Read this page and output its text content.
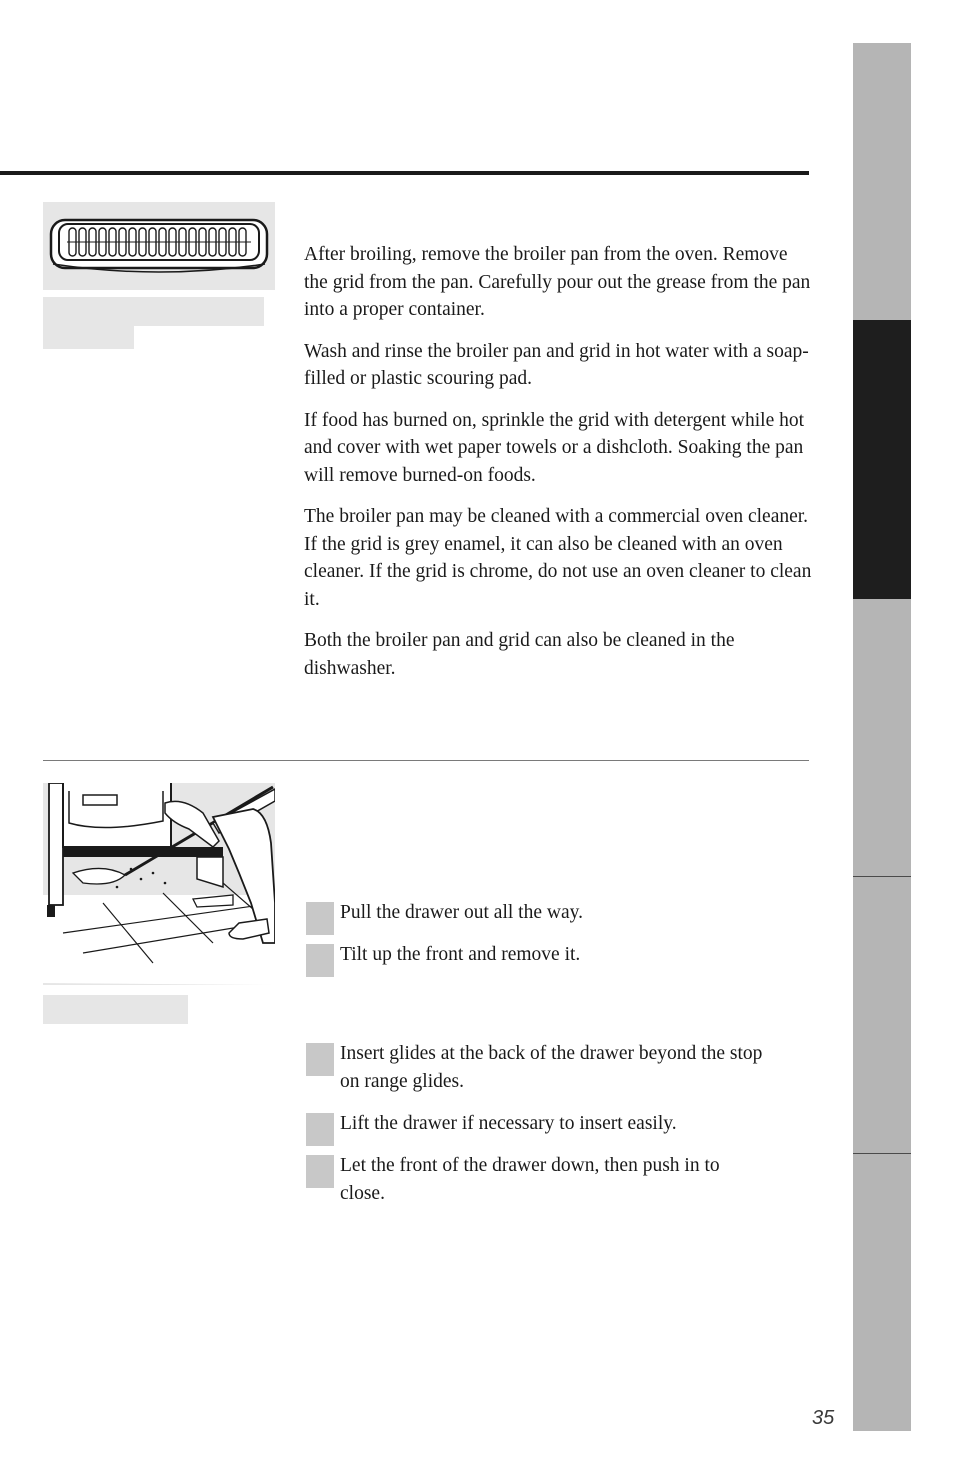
After broiling, remove the broiler pan from the oven. Remove the grid from the pan. Carefully pour out the grease from the pan into a proper container.

Wash and rinse the broiler pan and grid in hot water with a soap-filled or plastic scouring pad.

If food has burned on, sprinkle the grid with detergent while hot and cover with wet paper towels or a dishcloth. Soaking the pan will remove burned-on foods.

The broiler pan may be cleaned with a commercial oven cleaner. If the grid is grey enamel, it can also be cleaned with an oven cleaner. If the grid is chrome, do not use an oven cleaner to clean it.

Both the broiler pan and grid can also be cleaned in the dishwasher.

Pull the drawer out all the way.
Tilt up the front and remove it.
Insert glides at the back of the drawer beyond the stop on range glides.
Lift the drawer if necessary to insert easily.
Let the front of the drawer down, then push in to close.
35
